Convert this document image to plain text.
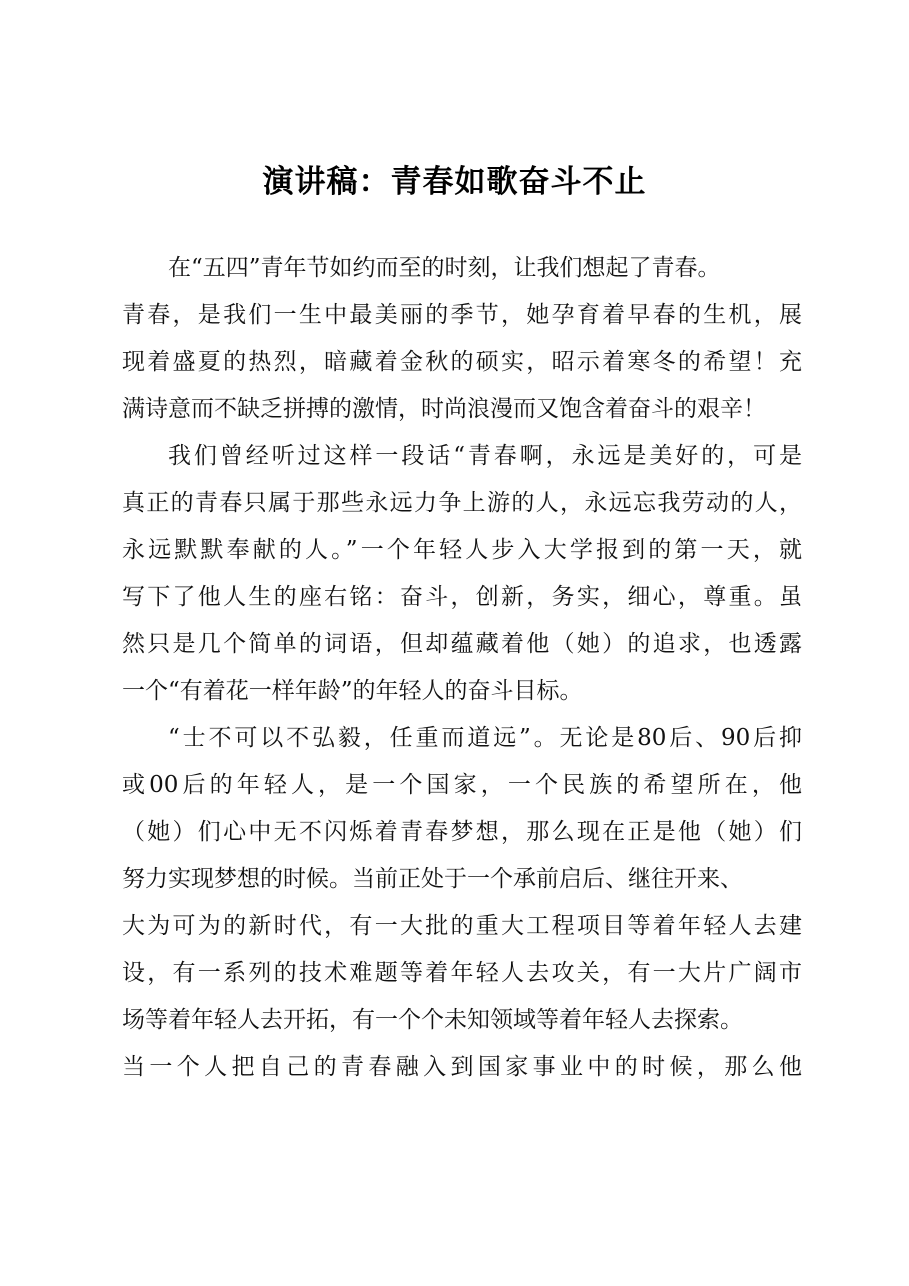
演讲稿：青春如歌奋斗不止
在“五四”青年节如约而至的时刻，让我们想起了青春。
青春，是我们一生中最美丽的季节，她孕育着早春的生机，展
现着盛夏的热烈，暗藏着金秋的硕实，昭示着寒冬的希望！充
满诗意而不缺乏拼搏的激情，时尚浪漫而又饱含着奋斗的艰辛！
我们曾经听过这样一段话“青春啊，永远是美好的，可是
真正的青春只属于那些永远力争上游的人，永远忘我劳动的人，
永远默默奉献的人。”一个年轻人步入大学报到的第一天，就
写下了他人生的座右铭：奋斗，创新，务实，细心，尊重。虽
然只是几个简单的词语，但却蕴藏着他（她）的追求，也透露
一个“有着花一样年龄”的年轻人的奋斗目标。
“士不可以不弘毅，任重而道远”。无论是80后、90后抑
或00后的年轻人，是一个国家，一个民族的希望所在，他
（她）们心中无不闪烁着青春梦想，那么现在正是他（她）们
努力实现梦想的时候。当前正处于一个承前启后、继往开来、
大为可为的新时代，有一大批的重大工程项目等着年轻人去建
设，有一系列的技术难题等着年轻人去攻关，有一大片广阔市
场等着年轻人去开拓，有一个个未知领域等着年轻人去探索。
当一个人把自己的青春融入到国家事业中的时候，那么他
